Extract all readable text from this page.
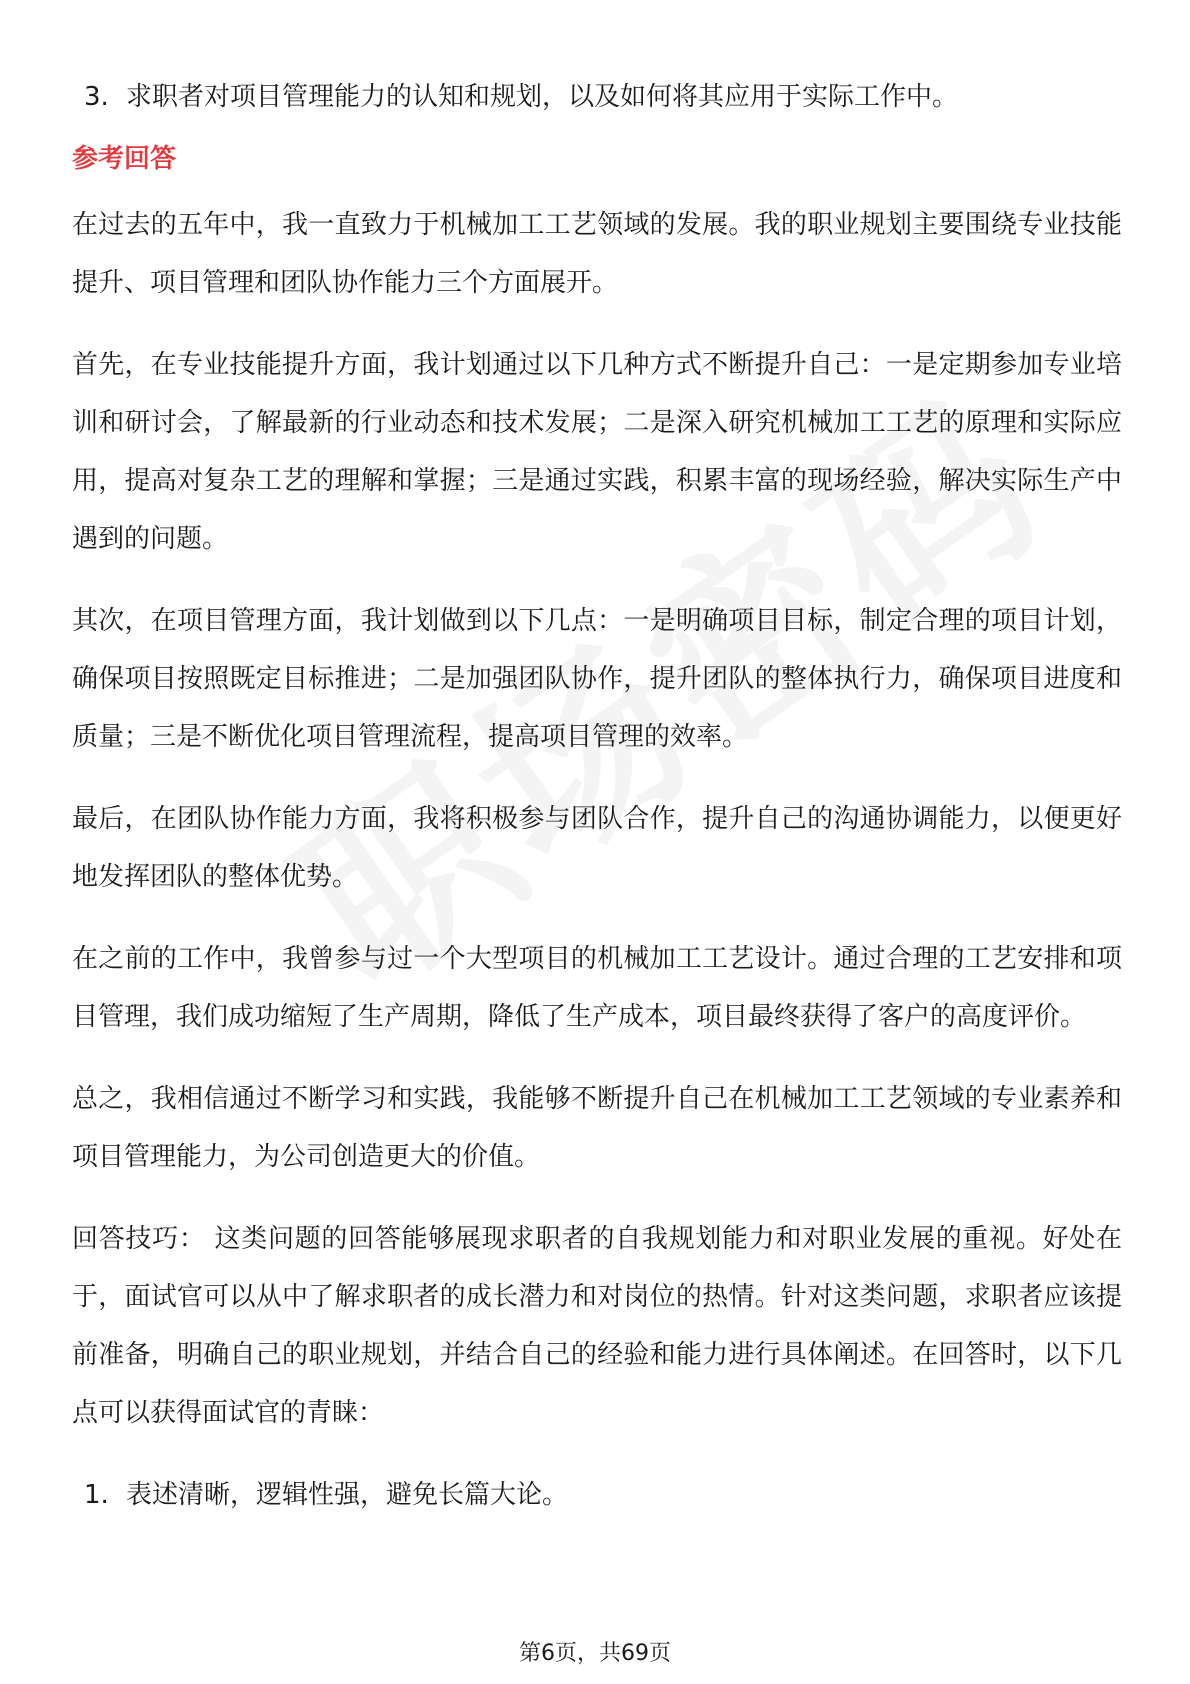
3. 求职者对项目管理能力的认知和规划，以及如何将其应用于实际工作中。
参考回答

在过去的五年中，我一直致力于机械加工工艺领域的发展。我的职业规划主要围绕专业技能提升、项目管理和团队协作能力三个方面展开。

首先，在专业技能提升方面，我计划通过以下几种方式不断提升自己：一是定期参加专业培训和研讨会，了解最新的行业动态和技术发展；二是深入研究机械加工工艺的原理和实际应用，提高对复杂工艺的理解和掌握；三是通过实践，积累丰富的现场经验，解决实际生产中遇到的问题。

其次，在项目管理方面，我计划做到以下几点：一是明确项目目标，制定合理的项目计划，确保项目按照既定目标推进；二是加强团队协作，提升团队的整体执行力，确保项目进度和质量；三是不断优化项目管理流程，提高项目管理的效率。

最后，在团队协作能力方面，我将积极参与团队合作，提升自己的沟通协调能力，以便更好地发挥团队的整体优势。

在之前的工作中，我曾参与过一个大型项目的机械加工工艺设计。通过合理的工艺安排和项目管理，我们成功缩短了生产周期，降低了生产成本，项目最终获得了客户的高度评价。

总之，我相信通过不断学习和实践，我能够不断提升自己在机械加工工艺领域的专业素养和项目管理能力，为公司创造更大的价值。

回答技巧： 这类问题的回答能够展现求职者的自我规划能力和对职业发展的重视。好处在于，面试官可以从中了解求职者的成长潜力和对岗位的热情。针对这类问题，求职者应该提前准备，明确自己的职业规划，并结合自己的经验和能力进行具体阐述。在回答时，以下几点可以获得面试官的青睐：

1. 表述清晰，逻辑性强，避免长篇大论。
第6页，共69页
